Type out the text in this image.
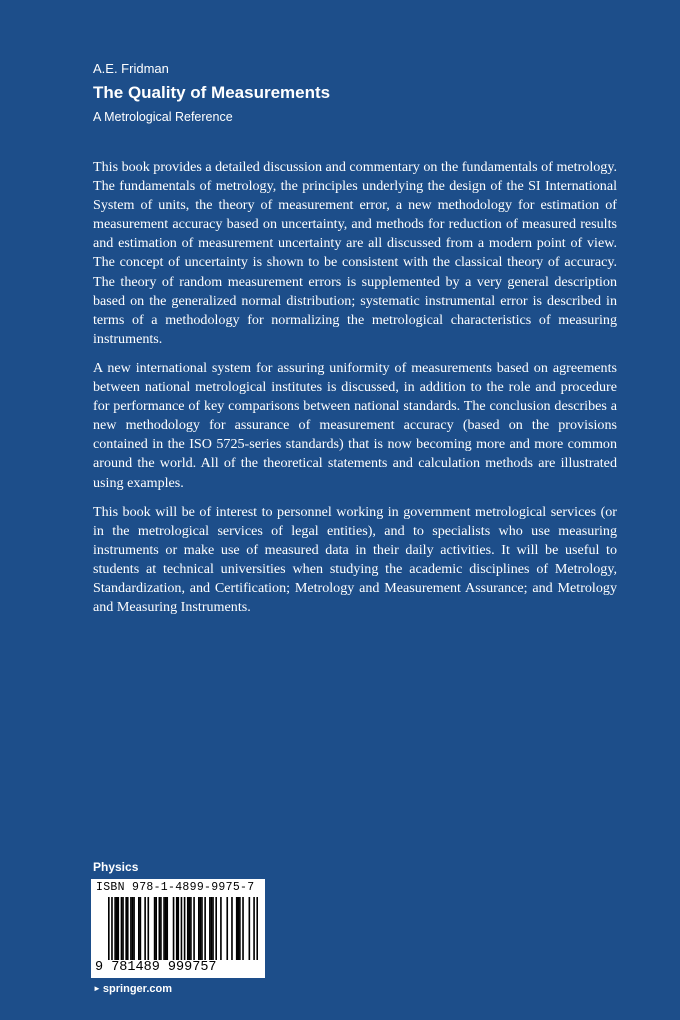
A.E. Fridman
The Quality of Measurements
A Metrological Reference

This book provides a detailed discussion and commentary on the fundamentals of metrology. The fundamentals of metrology, the principles underlying the design of the SI International System of units, the theory of measurement error, a new methodology for estimation of measurement accuracy based on uncertainty, and methods for reduction of measured results and estimation of measurement uncertainty are all discussed from a modern point of view. The concept of uncertainty is shown to be consistent with the classical theory of accuracy. The theory of random measurement errors is supplemented by a very general description based on the generalized normal distribution; systematic instrumental error is described in terms of a methodology for normalizing the metrological characteristics of measuring instruments.

A new international system for assuring uniformity of measurements based on agreements between national metrological institutes is discussed, in addition to the role and procedure for performance of key comparisons between national standards. The conclusion describes a new methodology for assurance of measurement accuracy (based on the provisions contained in the ISO 5725-series standards) that is now becoming more and more common around the world. All of the theoretical statements and calculation methods are illustrated using examples.

This book will be of interest to personnel working in government metrological services (or in the metrological services of legal entities), and to specialists who use measuring instruments or make use of measured data in their daily activities. It will be useful to students at technical universities when studying the academic disciplines of Metrology, Standardization, and Certification; Metrology and Measurement Assurance; and Metrology and Measuring Instruments.

Physics
ISBN 978-1-4899-9975-7
9 781489 999757
► springer.com
